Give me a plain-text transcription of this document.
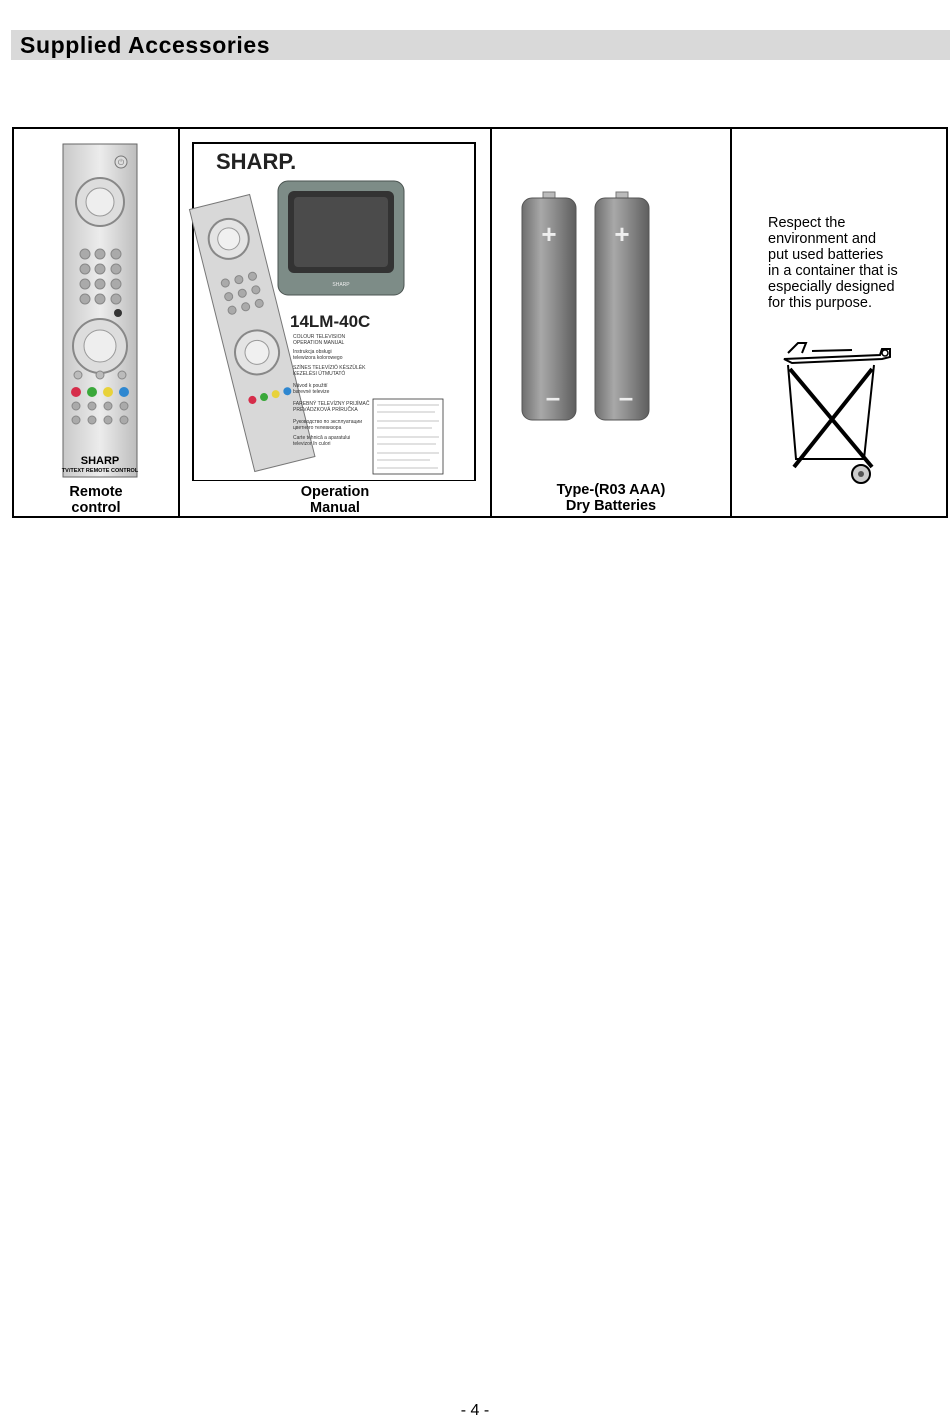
Supplied Accessories
⏻
SHARP
TV/TEXT REMOTE CONTROL
Remote
control
SHARP.
SHARP
14LM-40C
COLOUR TELEVISION
OPERATION MANUAL
Instrukcja obsługi
telewizora kolorowego
SZÍNES TELEVÍZIÓ KÉSZÜLÉK
KEZELÉSI ÚTMUTATÓ
Návod k použití
barevné televize
FAREBNÝ TELEVÍZNY PRIJÍMAČ
PREVÁDZKOVÁ PRÍRUČKA
Руководство по эксплуатации
цветного телевизора
Carte tehnică a aparatului
televizor în culori
Operation
Manual
+
–
+
–
Type-(R03 AAA)
Dry Batteries
Respect the
environment and
put used batteries
in a container that is
especially designed
for this purpose.
- 4 -
